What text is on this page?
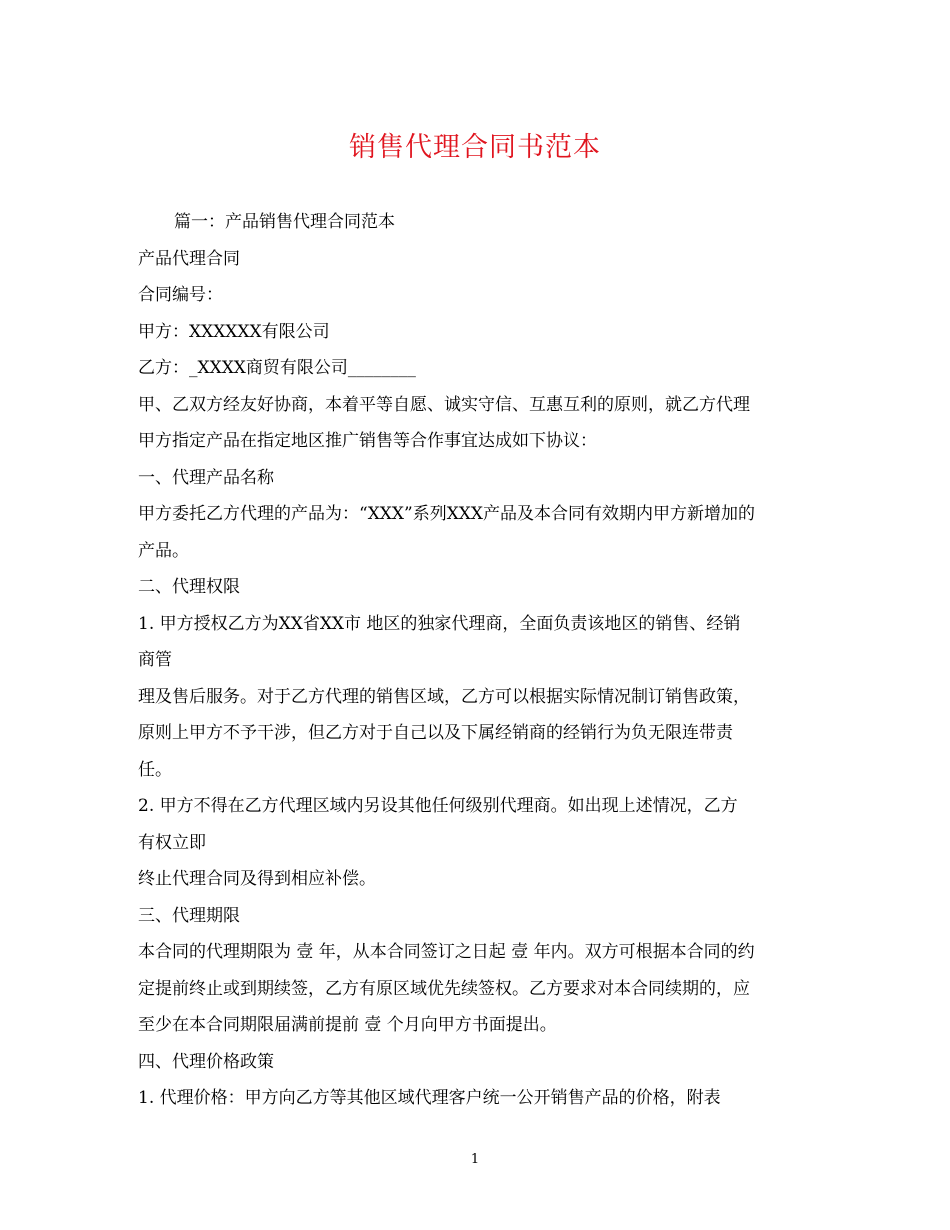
销售代理合同书范本
篇一：产品销售代理合同范本
产品代理合同
合同编号：
甲方：XXXXXX有限公司
乙方：_XXXX商贸有限公司________
甲、乙双方经友好协商，本着平等自愿、诚实守信、互惠互利的原则，就乙方代理
甲方指定产品在指定地区推广销售等合作事宜达成如下协议：
一、代理产品名称
甲方委托乙方代理的产品为：“XXX”系列XXX产品及本合同有效期内甲方新增加的
产品。
二、代理权限
1. 甲方授权乙方为XX省XX市 地区的独家代理商，全面负责该地区的销售、经销
商管
理及售后服务。对于乙方代理的销售区域，乙方可以根据实际情况制订销售政策，
原则上甲方不予干涉，但乙方对于自己以及下属经销商的经销行为负无限连带责
任。
2. 甲方不得在乙方代理区域内另设其他任何级别代理商。如出现上述情况，乙方
有权立即
终止代理合同及得到相应补偿。
三、代理期限
本合同的代理期限为 壹 年，从本合同签订之日起 壹 年内。双方可根据本合同的约
定提前终止或到期续签，乙方有原区域优先续签权。乙方要求对本合同续期的，应
至少在本合同期限届满前提前 壹 个月向甲方书面提出。
四、代理价格政策
1. 代理价格：甲方向乙方等其他区域代理客户统一公开销售产品的价格，附表
1
